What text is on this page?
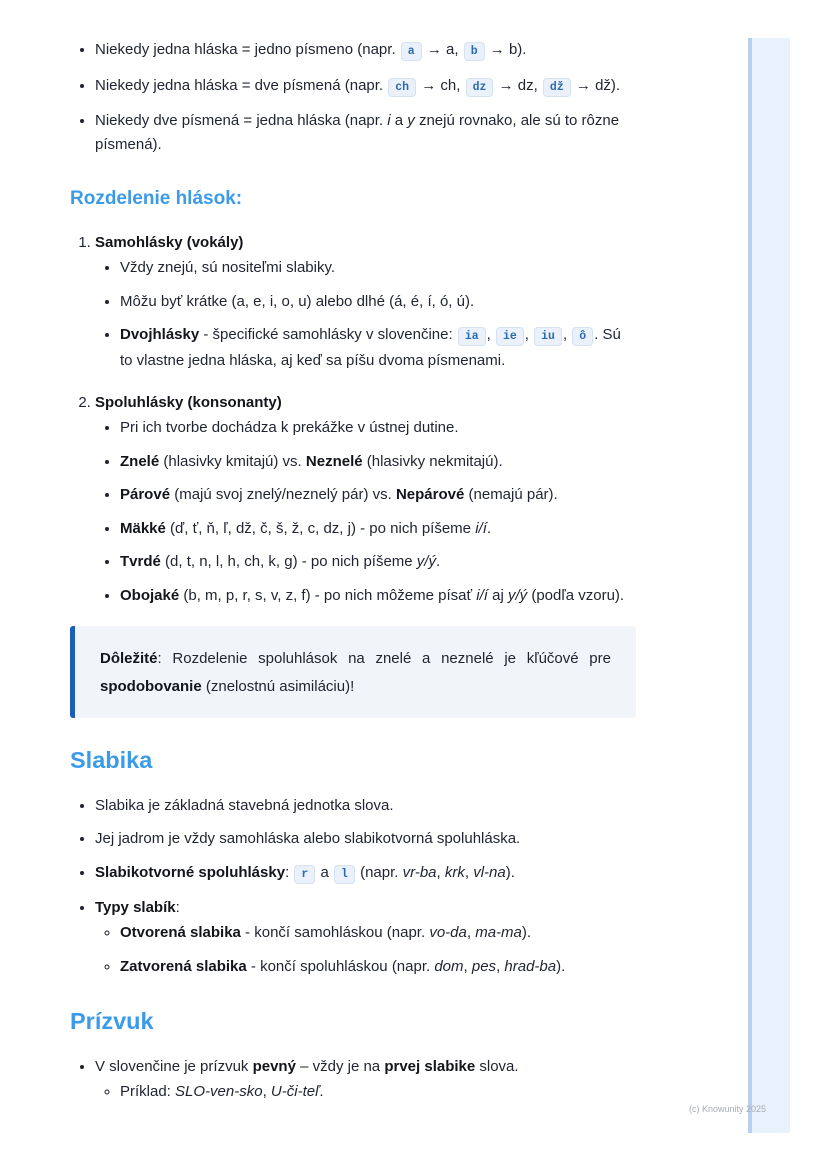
• Niekedy jedna hláska = jedno písmeno (napr. a → a, b → b).
• Niekedy jedna hláska = dve písmená (napr. ch → ch, dz → dz, dž → dž).
• Niekedy dve písmená = jedna hláska (napr. i a y znejú rovnako, ale sú to rôzne písmená).
Rozdelenie hlások:
1. Samohlásky (vokály)
• Vždy znejú, sú nositeľmi slabiky.
• Môžu byť krátke (a, e, i, o, u) alebo dlhé (á, é, í, ó, ú).
• Dvojhlásky - špecifické samohlásky v slovenčine: ia , ie , iu , ô . Sú to vlastne jedna hláska, aj keď sa píšu dvoma písmenami.
2. Spoluhlásky (konsonanty)
• Pri ich tvorbe dochádza k prekážke v ústnej dutine.
• Znelé (hlasivky kmitajú) vs. Neznelé (hlasivky nekmitajú).
• Párové (majú svoj znelý/neznelý pár) vs. Nepárové (nemajú pár).
• Mäkké (ď, ť, ň, ľ, dž, č, š, ž, c, dz, j) - po nich píšeme i/í.
• Tvrdé (d, t, n, l, h, ch, k, g) - po nich píšeme y/ý.
• Obojaké (b, m, p, r, s, v, z, f) - po nich môžeme písať i/í aj y/ý (podľa vzoru).
Dôležité: Rozdelenie spoluhlások na znelé a neznelé je kľúčové pre spodobovanie (znelostnú asimiláciu)!
Slabika
• Slabika je základná stavebná jednotka slova.
• Jej jadrom je vždy samohláska alebo slabikotvorná spoluhláska.
• Slabikotvorné spoluhlásky: r a l (napr. vr-ba, krk, vl-na).
• Typy slabík:
◦ Otvorená slabika - končí samohláskou (napr. vo-da, ma-ma).
◦ Zatvorená slabika - končí spoluhláskou (napr. dom, pes, hrad-ba).
Prízvuk
• V slovenčine je prízvuk pevný – vždy je na prvej slabike slova.
◦ Príklad: SLO-ven-sko, U-či-teľ.
(c) Knowunity 2025
